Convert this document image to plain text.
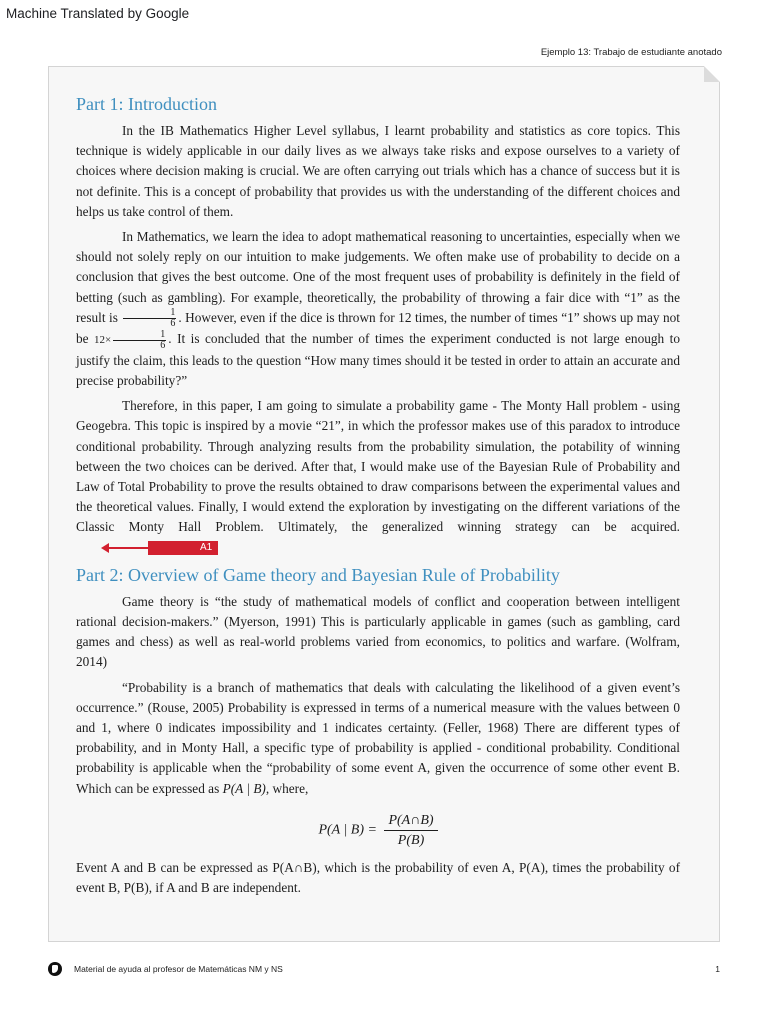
Machine Translated by Google
Ejemplo 13: Trabajo de estudiante anotado
Part 1: Introduction

In the IB Mathematics Higher Level syllabus, I learnt probability and statistics as core topics. This technique is widely applicable in our daily lives as we always take risks and expose ourselves to a variety of choices where decision making is crucial. We are often carrying out trials which has a chance of success but it is not definite. This is a concept of probability that provides us with the understanding of the different choices and helps us take control of them.

In Mathematics, we learn the idea to adopt mathematical reasoning to uncertainties, especially when we should not solely reply on our intuition to make judgements. We often make use of probability to decide on a conclusion that gives the best outcome. One of the most frequent uses of probability is definitely in the field of betting (such as gambling). For example, theoretically, the probability of throwing a fair dice with “1” as the result is $\frac{1}{6}$ . However, even if the dice is thrown for 12 times, the number of times “1” shows up may not be $12\times \frac{1}{6}$ . It is concluded that the number of times the experiment conducted is not large enough to justify the claim, this leads to the question “How many times should it be tested in order to attain an accurate and precise probability?”

Therefore, in this paper, I am going to simulate a probability game - The Monty Hall problem - using Geogebra. This topic is inspired by a movie “21”, in which the professor makes use of this paradox to introduce conditional probability. Through analyzing results from the probability simulation, the potability of winning between the two choices can be derived. After that, I would make use of the Bayesian Rule of Probability and Law of Total Probability to prove the results obtained to draw comparisons between the experimental values and the theoretical values. Finally, I would extend the exploration by investigating on the different variations of the Classic Monty Hall Problem. Ultimately, the generalized winning strategy can be acquired.
A1

Part 2: Overview of Game theory and Bayesian Rule of Probability

Game theory is “the study of mathematical models of conflict and cooperation between intelligent rational decision-makers.” (Myerson, 1991) This is particularly applicable in games (such as gambling, card games and chess) as well as real-world problems varied from economics, to politics and warfare. (Wolfram, 2014)

“Probability is a branch of mathematics that deals with calculating the likelihood of a given event’s occurrence.” (Rouse, 2005) Probability is expressed in terms of a numerical measure with the values between 0 and 1, where 0 indicates impossibility and 1 indicates certainty. (Feller, 1968) There are different types of probability, and in Monty Hall, a specific type of probability is applied - conditional probability. Conditional probability is applicable when the “probability of some event A, given the occurrence of some other event B. Which can be expressed as P(A | B), where,

P(A | $B) = \frac{P(A\cap B)}{P(B)}$

Event A and B can be expressed as P(A∩B), which is the probability of even A, P(A), times the probability of event B, P(B), if A and B are independent.

Material de ayuda al profesor de Matemáticas NM y NS	1
